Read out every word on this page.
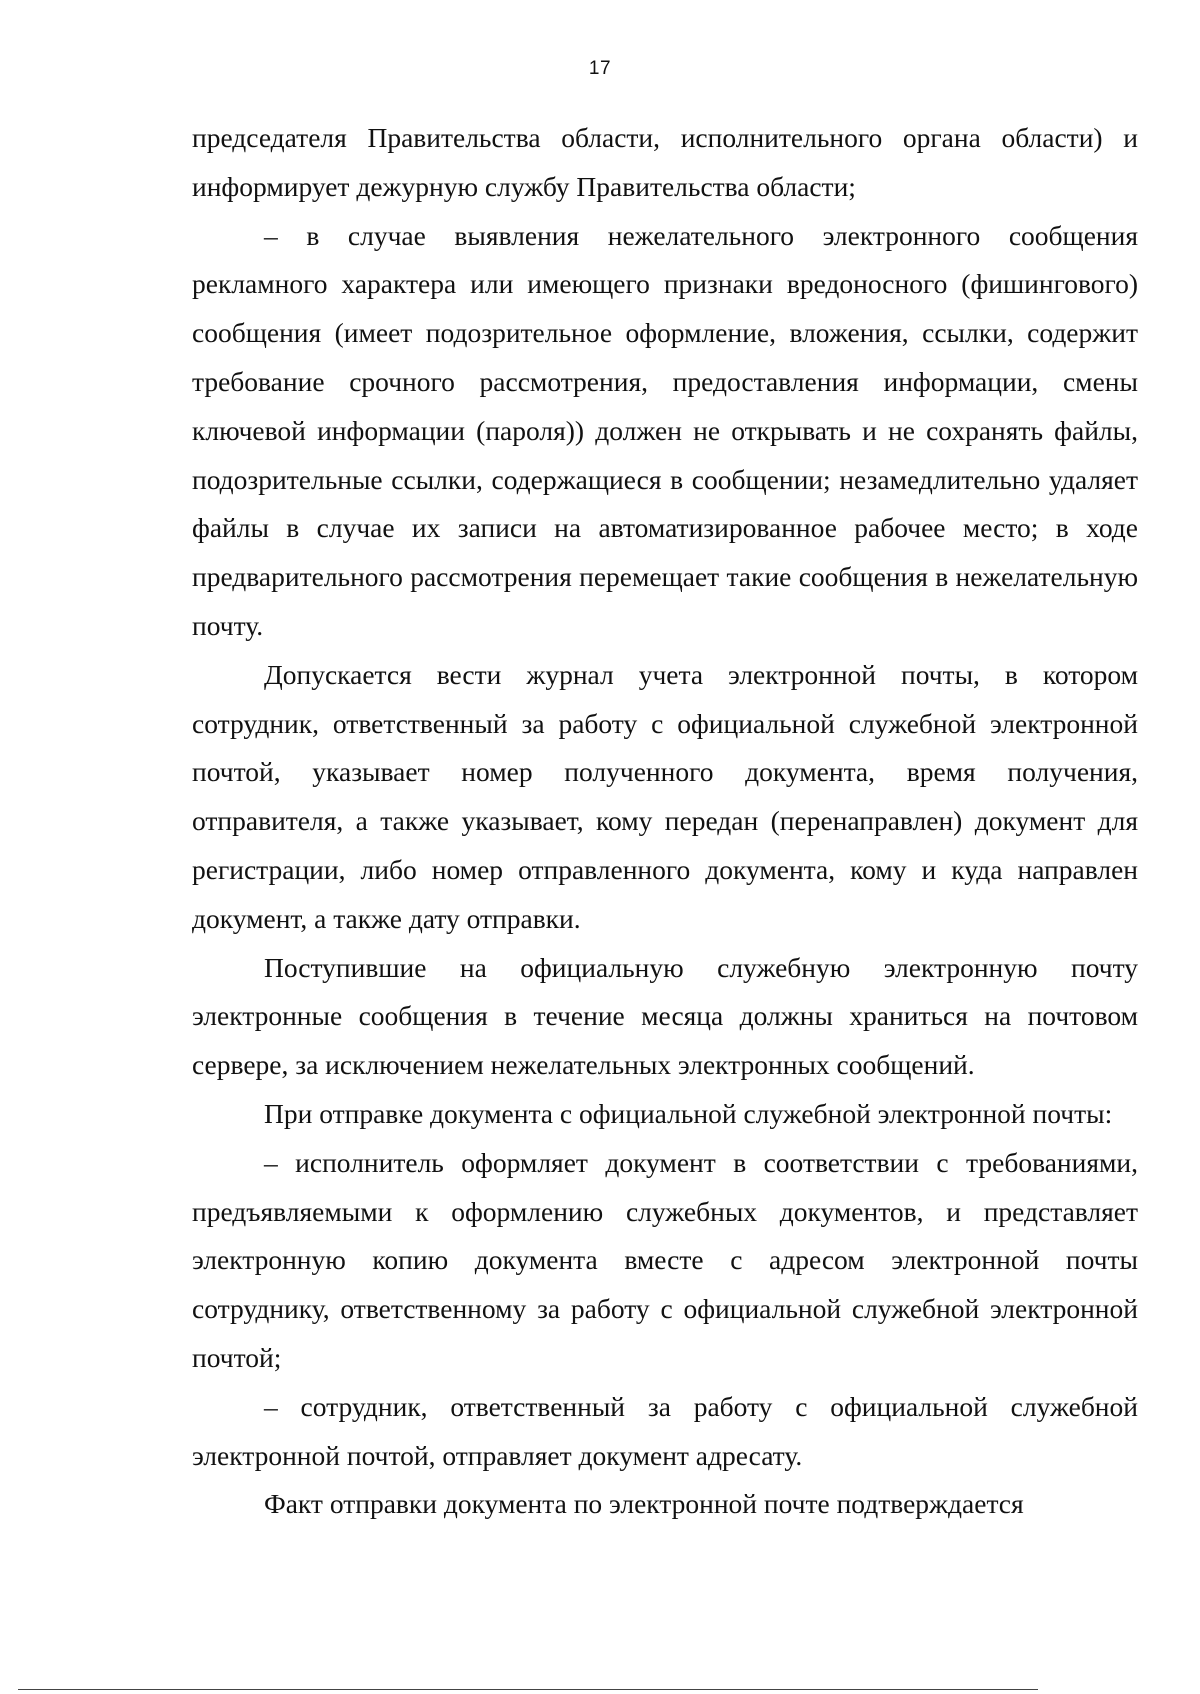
17

председателя Правительства области, исполнительного органа области) и информирует дежурную службу Правительства области;

– в случае выявления нежелательного электронного сообщения рекламного характера или имеющего признаки вредоносного (фишингового) сообщения (имеет подозрительное оформление, вложения, ссылки, содержит требование срочного рассмотрения, предоставления информации, смены ключевой информации (пароля)) должен не открывать и не сохранять файлы, подозрительные ссылки, содержащиеся в сообщении; незамедлительно удаляет файлы в случае их записи на автоматизированное рабочее место; в ходе предварительного рассмотрения перемещает такие сообщения в нежелательную почту.

Допускается вести журнал учета электронной почты, в котором сотрудник, ответственный за работу с официальной служебной электронной почтой, указывает номер полученного документа, время получения, отправителя, а также указывает, кому передан (перенаправлен) документ для регистрации, либо номер отправленного документа, кому и куда направлен документ, а также дату отправки.

Поступившие на официальную служебную электронную почту электронные сообщения в течение месяца должны храниться на почтовом сервере, за исключением нежелательных электронных сообщений.

При отправке документа с официальной служебной электронной почты:

– исполнитель оформляет документ в соответствии с требованиями, предъявляемыми к оформлению служебных документов, и представляет электронную копию документа вместе с адресом электронной почты сотруднику, ответственному за работу с официальной служебной электронной почтой;

– сотрудник, ответственный за работу с официальной служебной электронной почтой, отправляет документ адресату.

Факт отправки документа по электронной почте подтверждается
